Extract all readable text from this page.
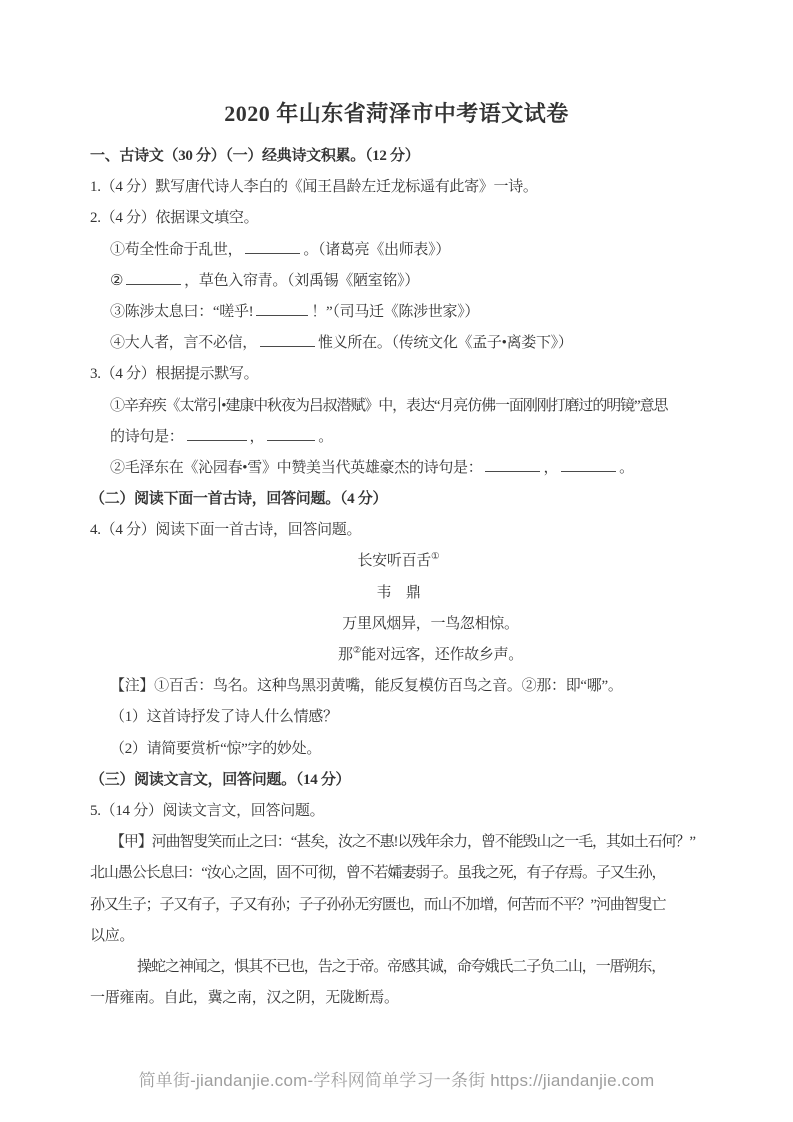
2020 年山东省菏泽市中考语文试卷
一、古诗文（30 分）（一）经典诗文积累。（12 分）
1.（4 分）默写唐代诗人李白的《闻王昌龄左迁龙标遥有此寄》一诗。
2.（4 分）依据课文填空。
①苟全性命于乱世，	。（诸葛亮《出师表》）
②	，草色入帘青。（刘禹锡《陋室铭》）
③陈涉太息曰：“嗟乎!	！”（司马迁《陈涉世家》）
④大人者，言不必信，	惟义所在。（传统文化《孟子•离娄下》）
3.（4 分）根据提示默写。
①辛弃疾《太常引•建康中秋夜为吕叔潜赋》中，表达“月亮仿佛一面刚刚打磨过的明镜”意思
的诗句是：	，	。
②毛泽东在《沁园春•雪》中赞美当代英雄豪杰的诗句是：	，	。
（二）阅读下面一首古诗，回答问题。（4 分）
4.（4 分）阅读下面一首古诗，回答问题。
长安听百舌①
韦　鼎
万里风烟异，一鸟忽相惊。
那②能对远客，还作故乡声。
【注】①百舌：鸟名。这种鸟黑羽黄嘴，能反复模仿百鸟之音。②那：即“哪”。
（1）这首诗抒发了诗人什么情感？
（2）请简要赏析“惊”字的妙处。
（三）阅读文言文，回答问题。（14 分）
5.（14 分）阅读文言文，回答问题。
【甲】河曲智叟笑而止之曰：“甚矣，汝之不惠!以残年余力，曾不能毁山之一毛，其如土石何？”
北山愚公长息曰：“汝心之固，固不可彻，曾不若孀妻弱子。虽我之死，有子存焉。子又生孙，
孙又生子；子又有子，子又有孙；子子孙孙无穷匮也，而山不加增，何苦而不平？”河曲智叟亡
以应。
操蛇之神闻之，惧其不已也，告之于帝。帝感其诚，命夸娥氏二子负二山，一厝朔东，
一厝雍南。自此，冀之南，汉之阴，无陇断焉。
简单街-jiandanjie.com-学科网简单学习一条街 https://jiandanjie.com
